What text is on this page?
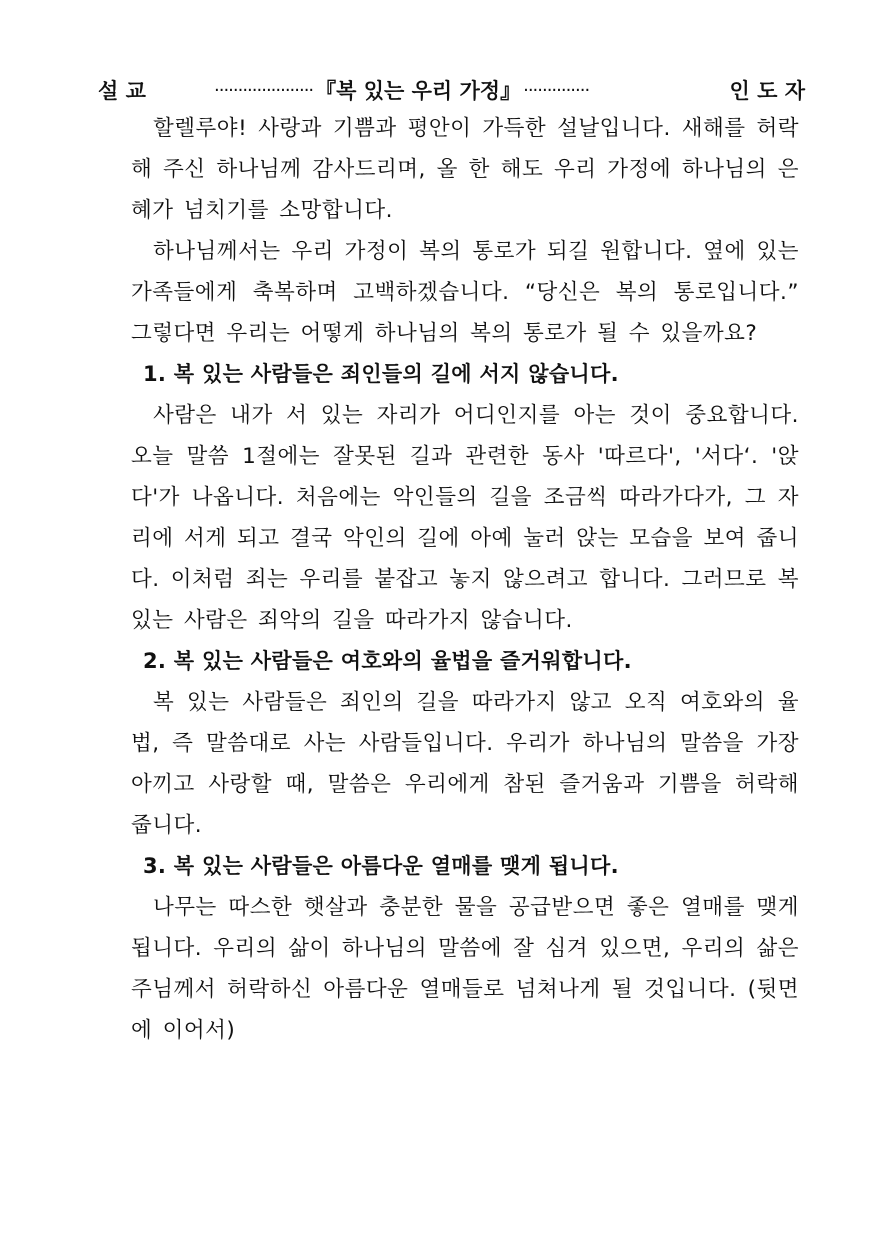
설 교	····················· 『복 있는 우리 가정』 ··············	인 도 자

할렐루야! 사랑과 기쁨과 평안이 가득한 설날입니다. 새해를 허락해 주신 하나님께 감사드리며, 올 한 해도 우리 가정에 하나님의 은혜가 넘치기를 소망합니다.

하나님께서는 우리 가정이 복의 통로가 되길 원합니다. 옆에 있는 가족들에게 축복하며 고백하겠습니다. “당신은 복의 통로입니다.” 그렇다면 우리는 어떻게 하나님의 복의 통로가 될 수 있을까요?

1. 복 있는 사람들은 죄인들의 길에 서지 않습니다.

사람은 내가 서 있는 자리가 어디인지를 아는 것이 중요합니다. 오늘 말씀 1절에는 잘못된 길과 관련한 동사 '따르다', '서다‘. '앉다'가 나옵니다. 처음에는 악인들의 길을 조금씩 따라가다가, 그 자리에 서게 되고 결국 악인의 길에 아예 눌러 앉는 모습을 보여 줍니다. 이처럼 죄는 우리를 붙잡고 놓지 않으려고 합니다. 그러므로 복 있는 사람은 죄악의 길을 따라가지 않습니다.

2. 복 있는 사람들은 여호와의 율법을 즐거워합니다.

복 있는 사람들은 죄인의 길을 따라가지 않고 오직 여호와의 율법, 즉 말씀대로 사는 사람들입니다. 우리가 하나님의 말씀을 가장 아끼고 사랑할 때, 말씀은 우리에게 참된 즐거움과 기쁨을 허락해 줍니다.

3. 복 있는 사람들은 아름다운 열매를 맺게 됩니다.

나무는 따스한 햇살과 충분한 물을 공급받으면 좋은 열매를 맺게 됩니다. 우리의 삶이 하나님의 말씀에 잘 심겨 있으면, 우리의 삶은 주님께서 허락하신 아름다운 열매들로 넘쳐나게 될 것입니다. (뒷면에 이어서)
